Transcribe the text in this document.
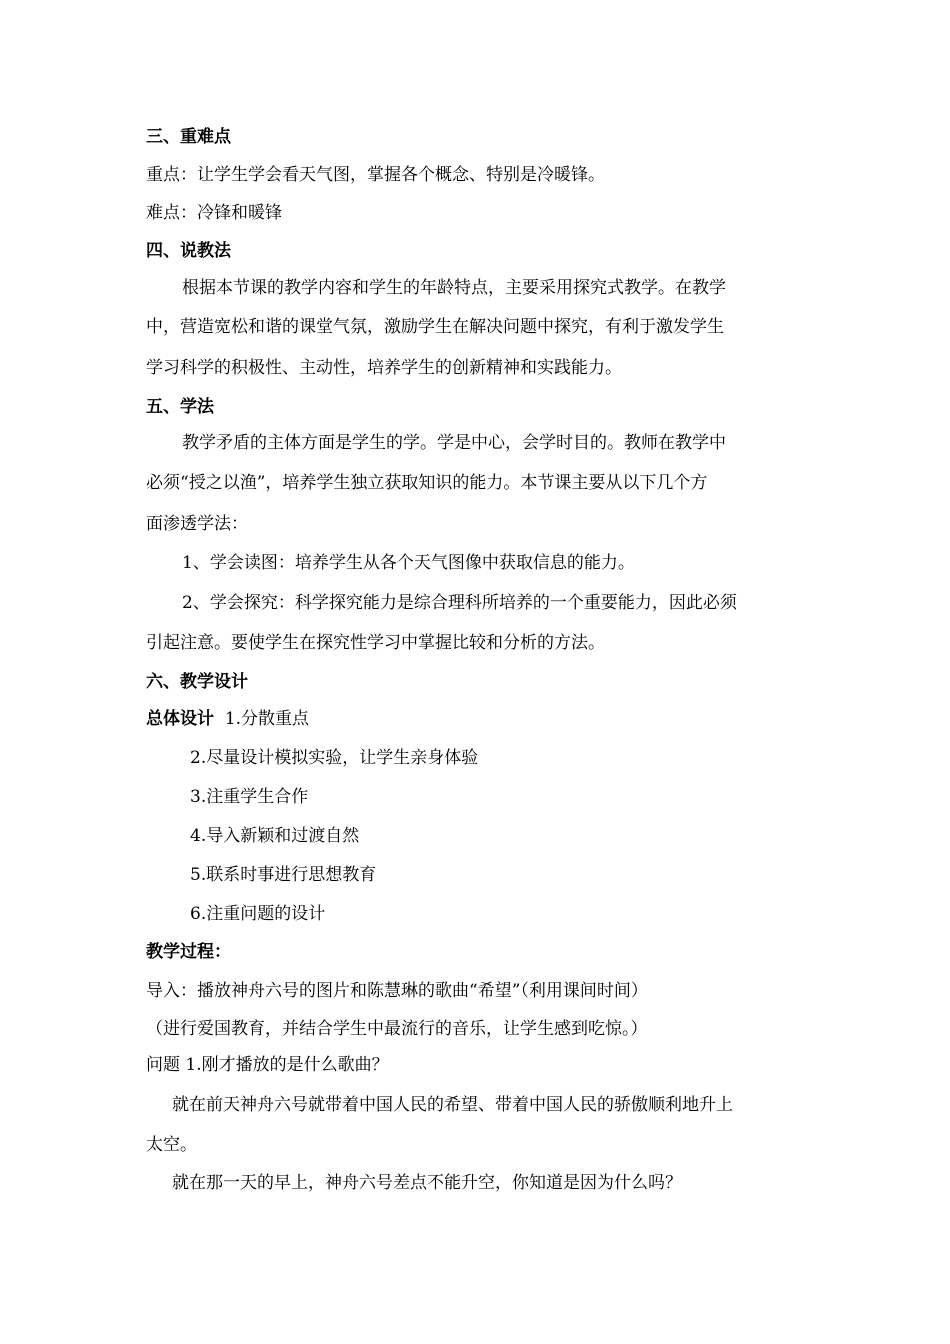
三、重难点
重点：让学生学会看天气图，掌握各个概念、特别是冷暖锋。
难点：冷锋和暖锋
四、说教法
根据本节课的教学内容和学生的年龄特点，主要采用探究式教学。在教学
中，营造宽松和谐的课堂气氛，激励学生在解决问题中探究，有利于激发学生
学习科学的积极性、主动性，培养学生的创新精神和实践能力。
五、学法
教学矛盾的主体方面是学生的学。学是中心，会学时目的。教师在教学中
必须“授之以渔”，培养学生独立获取知识的能力。本节课主要从以下几个方
面渗透学法：
1、学会读图：培养学生从各个天气图像中获取信息的能力。
2、学会探究：科学探究能力是综合理科所培养的一个重要能力，因此必须
引起注意。要使学生在探究性学习中掌握比较和分析的方法。
六、教学设计
总体设计 1.分散重点
2.尽量设计模拟实验，让学生亲身体验
3.注重学生合作
4.导入新颖和过渡自然
5.联系时事进行思想教育
6.注重问题的设计
教学过程：
导入：播放神舟六号的图片和陈慧琳的歌曲“希望”（利用课间时间）
（进行爱国教育，并结合学生中最流行的音乐，让学生感到吃惊。）
问题 1.刚才播放的是什么歌曲？
就在前天神舟六号就带着中国人民的希望、带着中国人民的骄傲顺利地升上
太空。
就在那一天的早上，神舟六号差点不能升空，你知道是因为什么吗？
